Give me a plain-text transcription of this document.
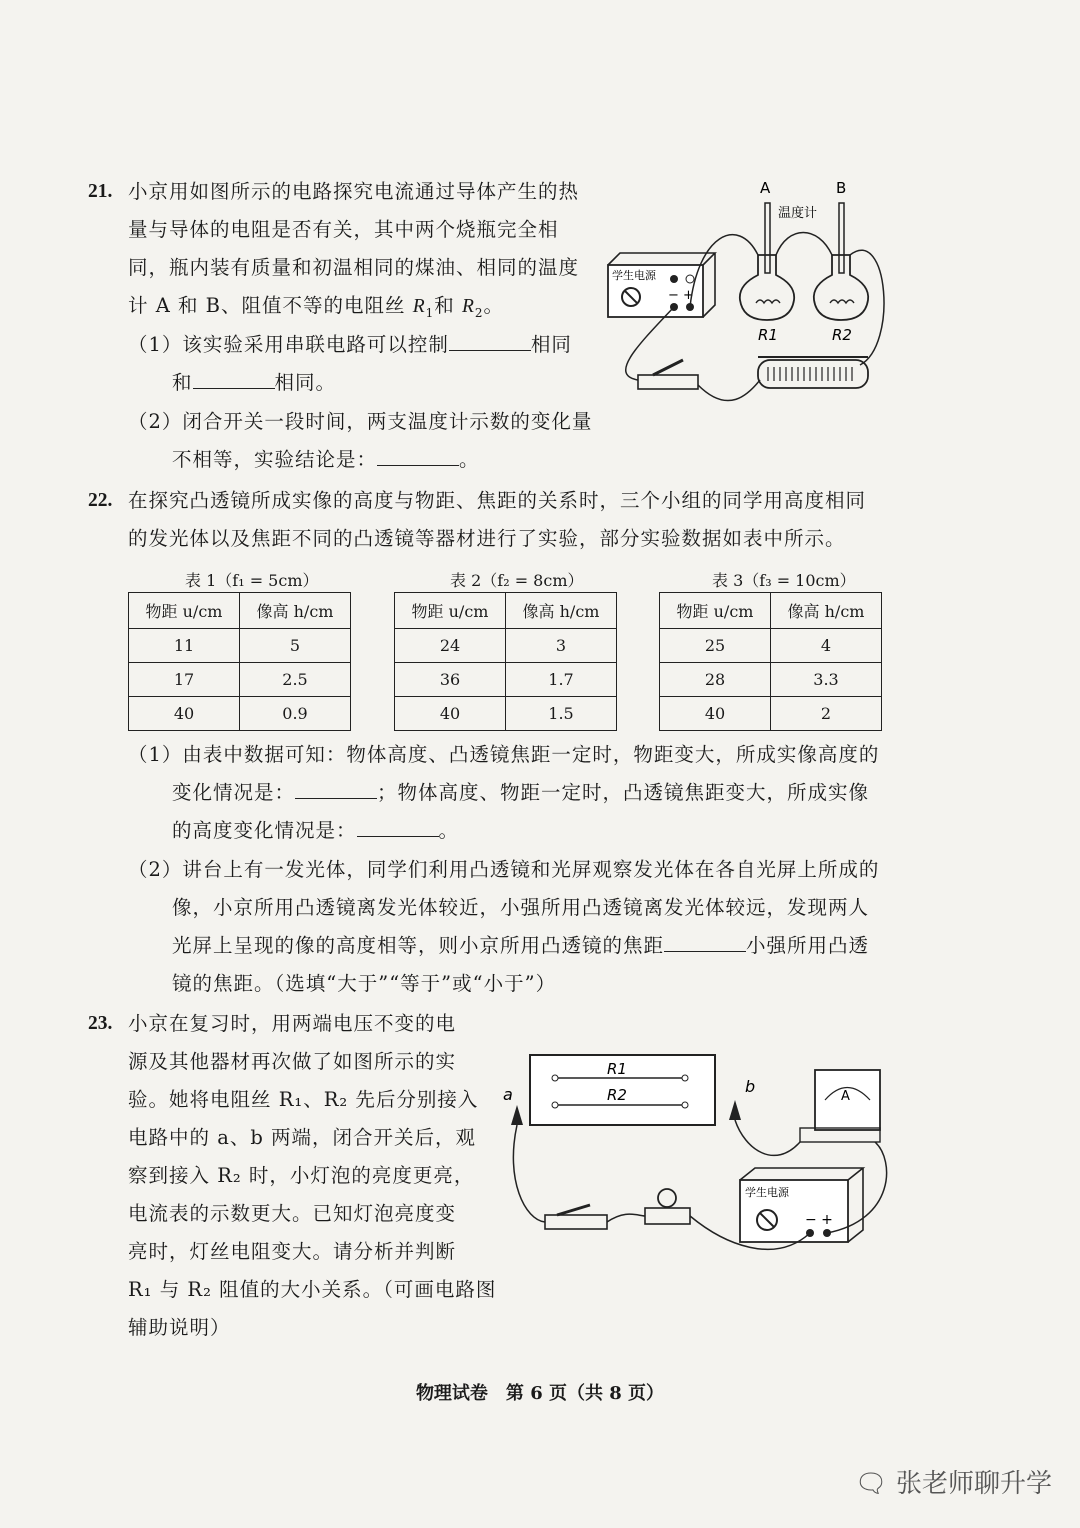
21. 小京用如图所示的电路探究电流通过导体产生的热
量与导体的电阻是否有关，其中两个烧瓶完全相
同，瓶内装有质量和初温相同的煤油、相同的温度
计 A 和 B、阻值不等的电阻丝 $R_1$和 $R_2$。
（1）该实验采用串联电路可以控制	相同
和	相同。
（2）闭合开关一段时间，两支温度计示数的变化量
不相等，实验结论是：	。
A	B
温度计
R1	R2
学生电源
− +
22. 在探究凸透镜所成实像的高度与物距、焦距的关系时，三个小组的同学用高度相同
的发光体以及焦距不同的凸透镜等器材进行了实验，部分实验数据如表中所示。
表 1（f₁ = 5cm）	表 2（f₂ = 8cm）	表 3（f₃ = 10cm）
物距 u/cm	像高 h/cm
11	5
17	2.5
40	0.9
物距 u/cm	像高 h/cm
24	3
36	1.7
40	1.5
物距 u/cm	像高 h/cm
25	4
28	3.3
40	2
（1）由表中数据可知：物体高度、凸透镜焦距一定时，物距变大，所成实像高度的
变化情况是：	；物体高度、物距一定时，凸透镜焦距变大，所成实像
的高度变化情况是：	。
（2）讲台上有一发光体，同学们利用凸透镜和光屏观察发光体在各自光屏上所成的
像，小京所用凸透镜离发光体较近，小强所用凸透镜离发光体较远，发现两人
光屏上呈现的像的高度相等，则小京所用凸透镜的焦距	小强所用凸透
镜的焦距。（选填“大于”“等于”或“小于”）
23. 小京在复习时，用两端电压不变的电
源及其他器材再次做了如图所示的实
验。她将电阻丝 R₁、R₂ 先后分别接入
电路中的 a、b 两端，闭合开关后，观
察到接入 R₂ 时，小灯泡的亮度更亮，
电流表的示数更大。已知灯泡亮度变
亮时，灯丝电阻变大。请分析并判断
R₁ 与 R₂ 阻值的大小关系。（可画电路图
辅助说明）
R1
R2
a	b
A
学生电源
− +
物理试卷　第 6 页（共 8 页）
🗨 张老师聊升学
